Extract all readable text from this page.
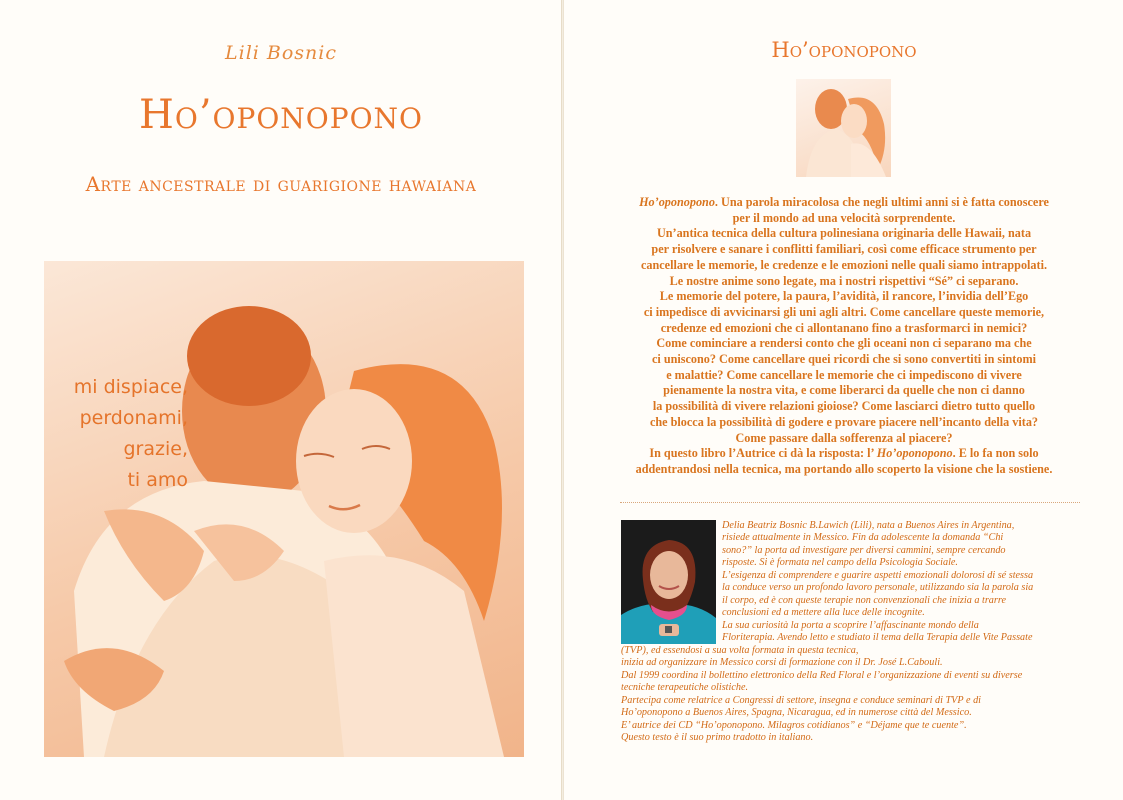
Lili Bosnic
Ho’oponopono
Arte ancestrale di guarigione hawaiana
mi dispiace,
perdonami,
grazie,
ti amo
Ho’oponopono
Ho’oponopono. Una parola miracolosa che negli ultimi anni si è fatta conoscere
per il mondo ad una velocità sorprendente.
Un’antica tecnica della cultura polinesiana originaria delle Hawaii, nata
per risolvere e sanare i conflitti familiari, così come efficace strumento per
cancellare le memorie, le credenze e le emozioni nelle quali siamo intrappolati.
Le nostre anime sono legate, ma i nostri rispettivi “Sé” ci separano.
Le memorie del potere, la paura, l’avidità, il rancore, l’invidia dell’Ego
ci impedisce di avvicinarsi gli uni agli altri. Come cancellare queste memorie,
credenze ed emozioni che ci allontanano fino a trasformarci in nemici?
Come cominciare a rendersi conto che gli oceani non ci separano ma che
ci uniscono? Come cancellare quei ricordi che si sono convertiti in sintomi
e malattie? Come cancellare le memorie che ci impediscono di vivere
pienamente la nostra vita, e come liberarci da quelle che non ci danno
la possibilità di vivere relazioni gioiose? Come lasciarci dietro tutto quello
che blocca la possibilità di godere e provare piacere nell’incanto della vita?
Come passare dalla sofferenza al piacere?
In questo libro l’Autrice ci dà la risposta: l’ Ho’oponopono. E lo fa non solo
addentrandosi nella tecnica, ma portando allo scoperto la visione che la sostiene.
Delia Beatriz Bosnic B.Lawich (Lili), nata a Buenos Aires in Argentina,
risiede attualmente in Messico. Fin da adolescente la domanda “Chi
sono?” la porta ad investigare per diversi cammini, sempre cercando
risposte. Si è formata nel campo della Psicologia Sociale.
L’esigenza di comprendere e guarire aspetti emozionali dolorosi di sé stessa
la conduce verso un profondo lavoro personale, utilizzando sia la parola sia
il corpo, ed è con queste terapie non convenzionali che inizia a trarre
conclusioni ed a mettere alla luce delle incognite.
La sua curiosità la porta a scoprire l’affascinante mondo della
Floriterapia. Avendo letto e studiato il tema della Terapia delle Vite Passate
(TVP), ed essendosi a sua volta formata in questa tecnica,
inizia ad organizzare in Messico corsi di formazione con il Dr. José L.Cabouli.
Dal 1999 coordina il bollettino elettronico della Red Floral e l’organizzazione di eventi su diverse
tecniche terapeutiche olistiche.
Partecipa come relatrice a Congressi di settore, insegna e conduce seminari di TVP e di
Ho’oponopono a Buenos Aires, Spagna, Nicaragua, ed in numerose città del Messico.
E’ autrice dei CD “Ho’oponopono. Milagros cotidianos” e “Déjame que te cuente”.
Questo testo è il suo primo tradotto in italiano.
